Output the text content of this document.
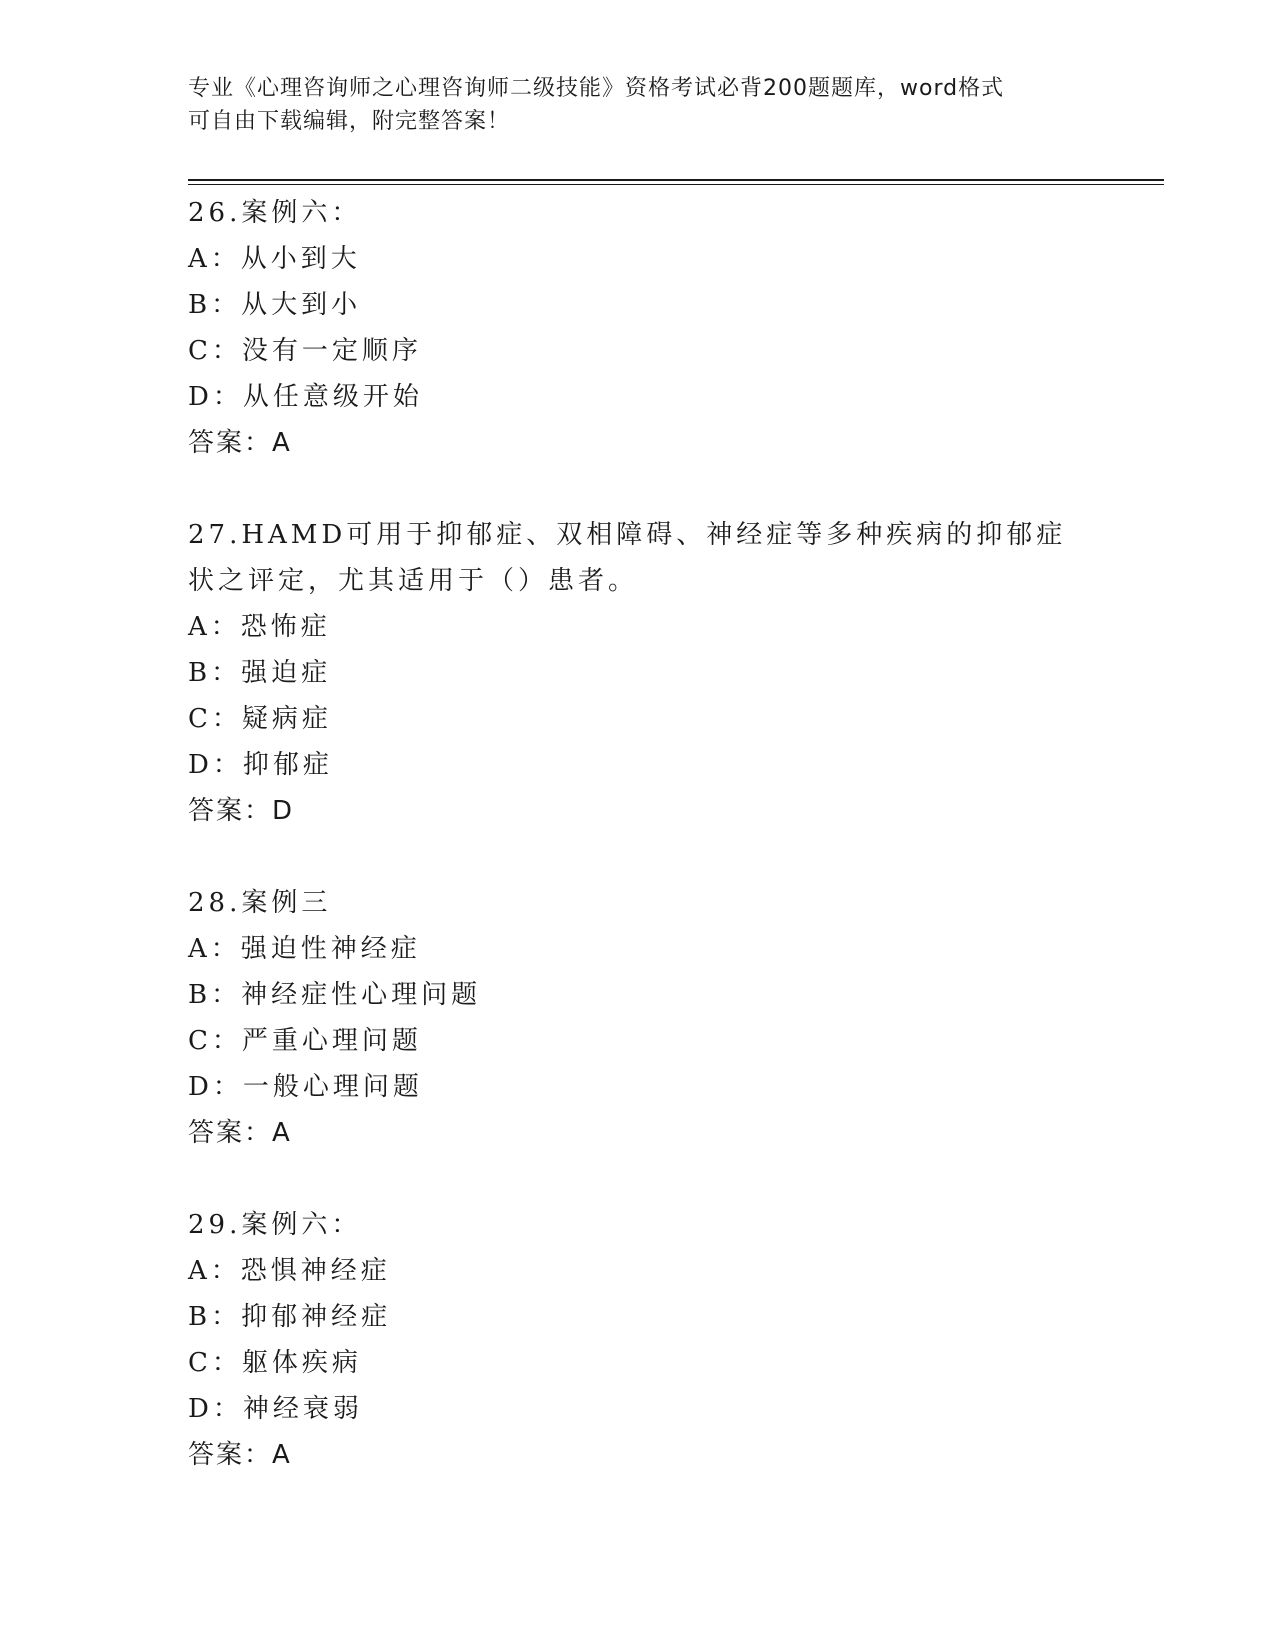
专业《心理咨询师之心理咨询师二级技能》资格考试必背200题题库，word格式
可自由下载编辑，附完整答案！
26.案例六：
A：从小到大
B：从大到小
C：没有一定顺序
D：从任意级开始
答案：A
27.HAMD可用于抑郁症、双相障碍、神经症等多种疾病的抑郁症状之评定，尤其适用于（）患者。
A：恐怖症
B：强迫症
C：疑病症
D：抑郁症
答案：D
28.案例三
A：强迫性神经症
B：神经症性心理问题
C：严重心理问题
D：一般心理问题
答案：A
29.案例六：
A：恐惧神经症
B：抑郁神经症
C：躯体疾病
D：神经衰弱
答案：A
